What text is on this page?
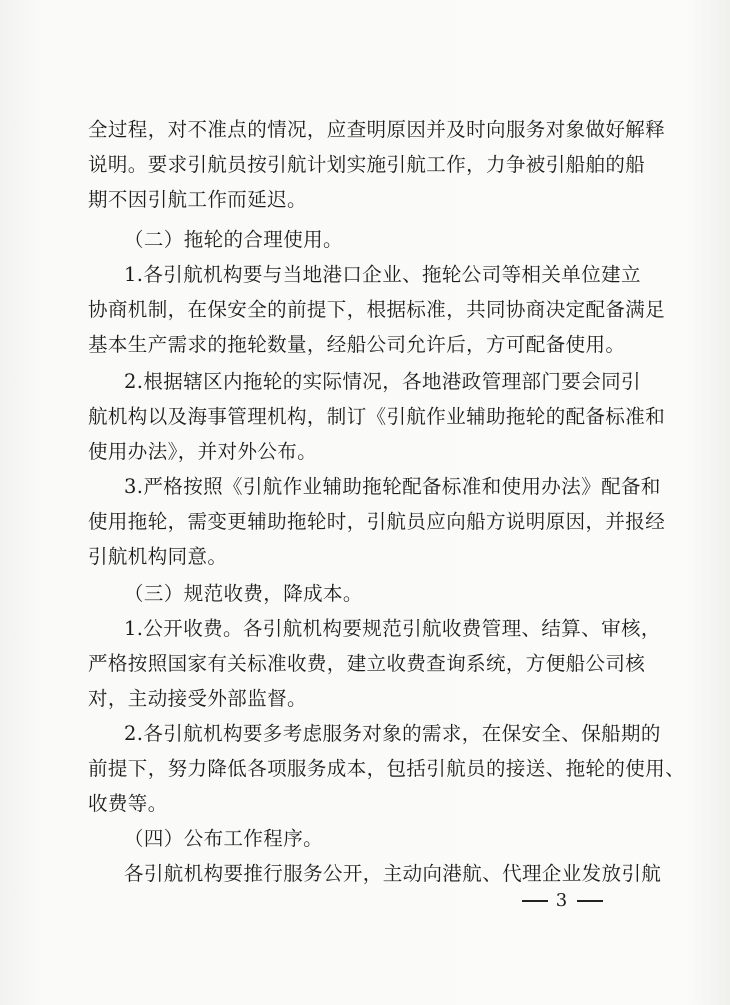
全过程，对不准点的情况，应查明原因并及时向服务对象做好解释

说明。要求引航员按引航计划实施引航工作，力争被引船舶的船

期不因引航工作而延迟。

（二）拖轮的合理使用。

1.各引航机构要与当地港口企业、拖轮公司等相关单位建立

协商机制，在保安全的前提下，根据标准，共同协商决定配备满足

基本生产需求的拖轮数量，经船公司允许后，方可配备使用。

2.根据辖区内拖轮的实际情况，各地港政管理部门要会同引

航机构以及海事管理机构，制订《引航作业辅助拖轮的配备标准和

使用办法》，并对外公布。

3.严格按照《引航作业辅助拖轮配备标准和使用办法》配备和

使用拖轮，需变更辅助拖轮时，引航员应向船方说明原因，并报经

引航机构同意。

（三）规范收费，降成本。

1.公开收费。各引航机构要规范引航收费管理、结算、审核，

严格按照国家有关标准收费，建立收费查询系统，方便船公司核

对，主动接受外部监督。

2.各引航机构要多考虑服务对象的需求，在保安全、保船期的

前提下，努力降低各项服务成本，包括引航员的接送、拖轮的使用、

收费等。

（四）公布工作程序。

各引航机构要推行服务公开，主动向港航、代理企业发放引航

3
